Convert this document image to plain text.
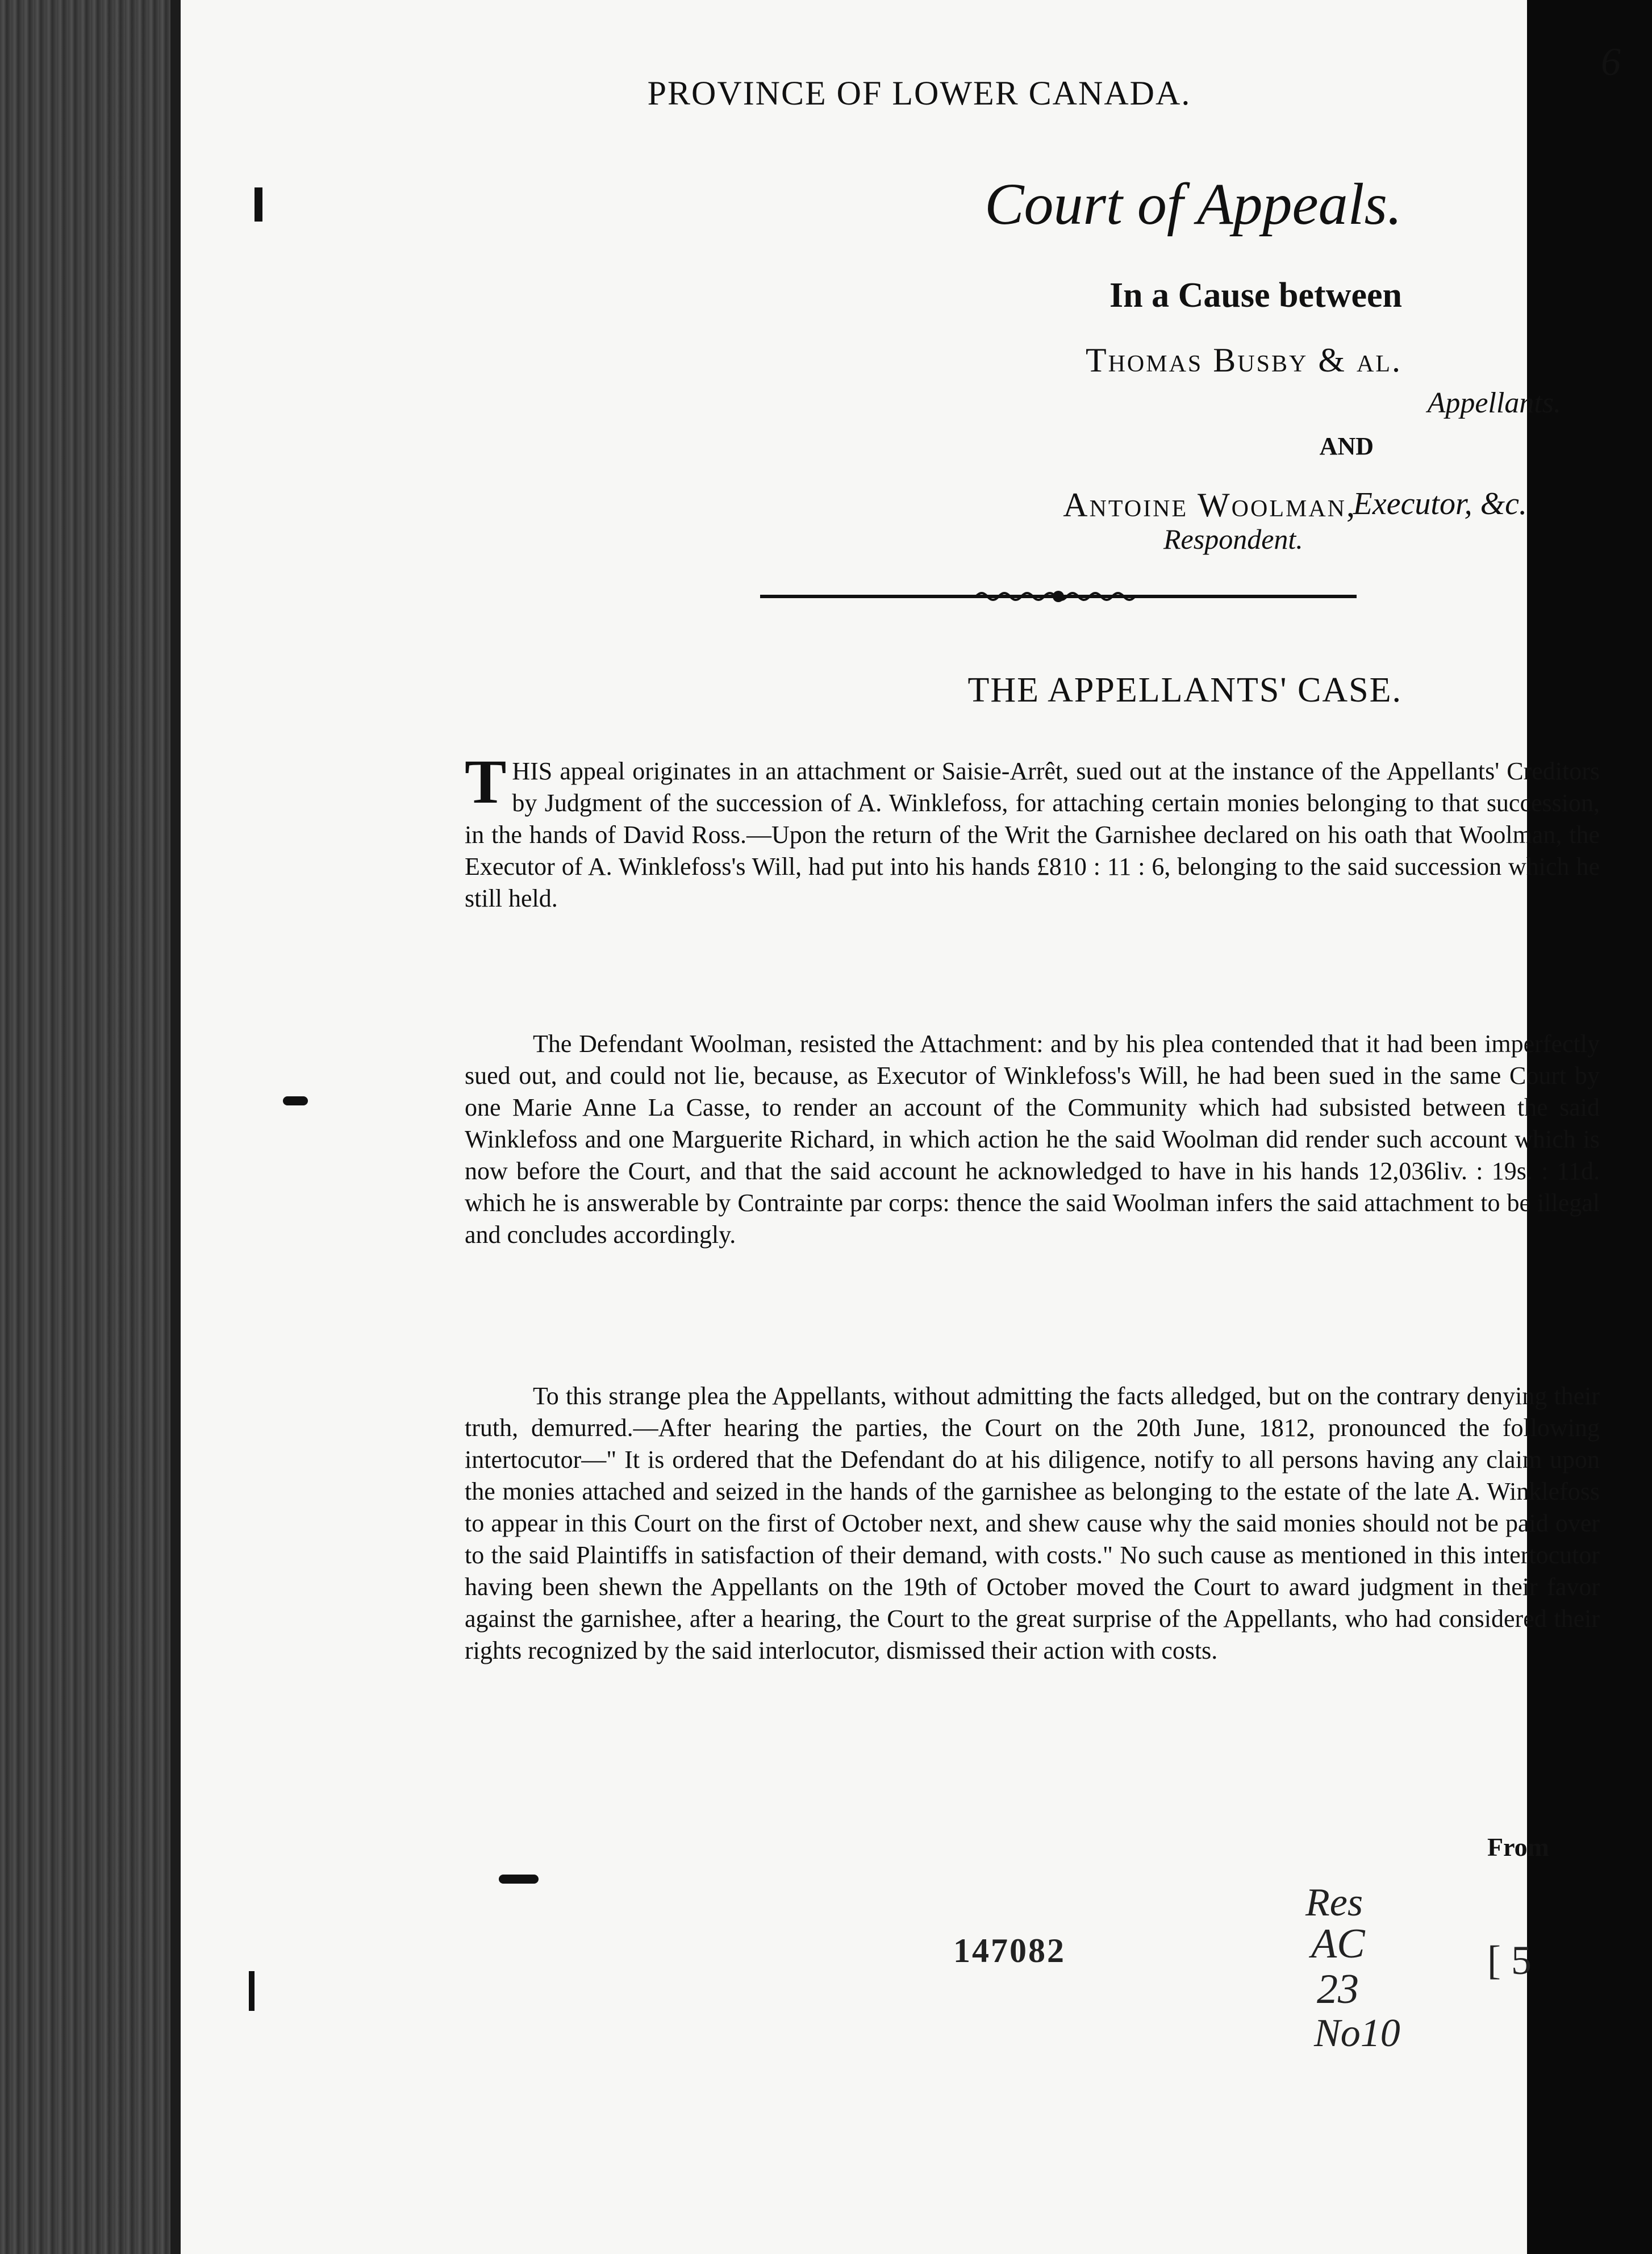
6
PROVINCE OF LOWER CANADA.
Court of Appeals.
In a Cause between
Thomas Busby & al.
Appellants.
AND
Antoine Woolman,
Executor, &c.
Respondent.
THE APPELLANTS' CASE.
THIS appeal originates in an attachment or Saisie-Arrêt, sued out at the instance of the Appellants' Creditors by Judgment of the succession of A. Winklefoss, for attaching certain monies belonging to that succession, in the hands of David Ross.—Upon the return of the Writ the Garnishee declared on his oath that Woolman, the Executor of A. Winklefoss's Will, had put into his hands £810 : 11 : 6, belonging to the said succession which he still held.
The Defendant Woolman, resisted the Attachment: and by his plea contended that it had been imperfectly sued out, and could not lie, because, as Executor of Winklefoss's Will, he had been sued in the same Court by one Marie Anne La Casse, to render an account of the Community which had subsisted between the said Winklefoss and one Marguerite Richard, in which action he the said Woolman did render such account which is now before the Court, and that the said account he acknowledged to have in his hands 12,036liv. : 19s. : 11d. which he is answerable by Contrainte par corps: thence the said Woolman infers the said attachment to be illegal and concludes accordingly.
To this strange plea the Appellants, without admitting the facts alledged, but on the contrary denying their truth, demurred.—After hearing the parties, the Court on the 20th June, 1812, pronounced the following intertocutor—" It is ordered that the Defendant do at his diligence, notify to all persons having any claim upon the monies attached and seized in the hands of the garnishee as belonging to the estate of the late A. Winklefoss to appear in this Court on the first of October next, and shew cause why the said monies should not be paid over to the said Plaintiffs in satisfaction of their demand, with costs." No such cause as mentioned in this intertocutor having been shewn the Appellants on the 19th of October moved the Court to award judgment in their favor against the garnishee, after a hearing, the Court to the great surprise of the Appellants, who had considered their rights recognized by the said interlocutor, dismissed their action with costs.
From
147082
Res
AC
23
No10
[ 5
